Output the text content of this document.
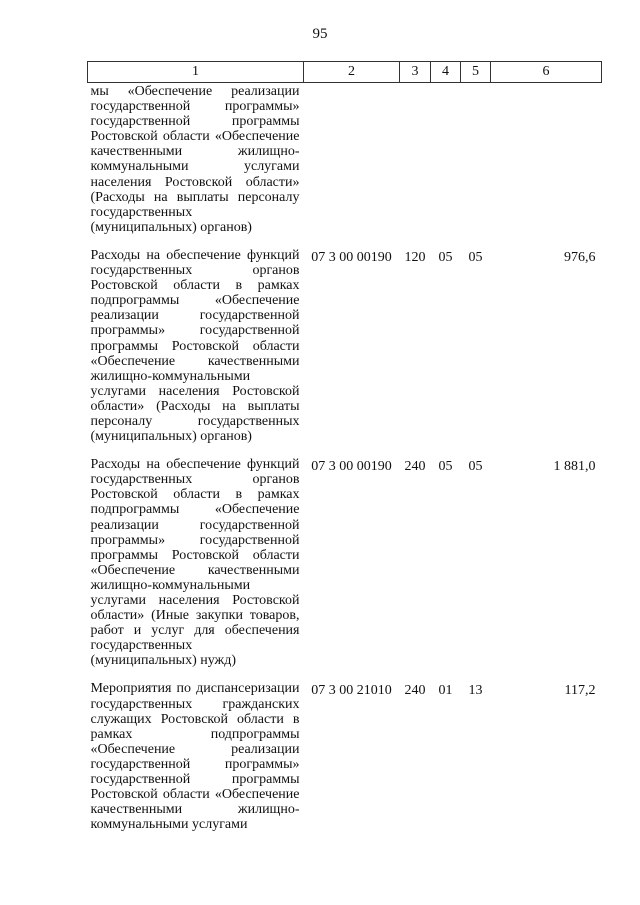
95
1	2	3	4	5	6
мы «Обеспечение реализации государственной программы» государственной программы Ростовской области «Обеспечение качественными жилищно-коммунальными услугами населения Ростовской области» (Расходы на выплаты персоналу государственных (муниципальных) органов)					
Расходы на обеспечение функций государственных органов Ростовской области в рамках подпрограммы «Обеспечение реализации государственной программы» государственной программы Ростовской области «Обеспечение качественными жилищно-коммунальными услугами населения Ростовской области» (Расходы на выплаты персоналу государственных (муниципальных) органов)	07 3 00 00190	120	05	05	976,6
Расходы на обеспечение функций государственных органов Ростовской области в рамках подпрограммы «Обеспечение реализации государственной программы» государственной программы Ростовской области «Обеспечение качественными жилищно-коммунальными услугами населения Ростовской области» (Иные закупки товаров, работ и услуг для обеспечения государственных (муниципальных) нужд)	07 3 00 00190	240	05	05	1 881,0
Мероприятия по диспансеризации государственных гражданских служащих Ростовской области в рамках подпрограммы «Обеспечение реализации государственной программы» государственной программы Ростовской области «Обеспечение качественными жилищно-коммунальными услугами	07 3 00 21010	240	01	13	117,2
